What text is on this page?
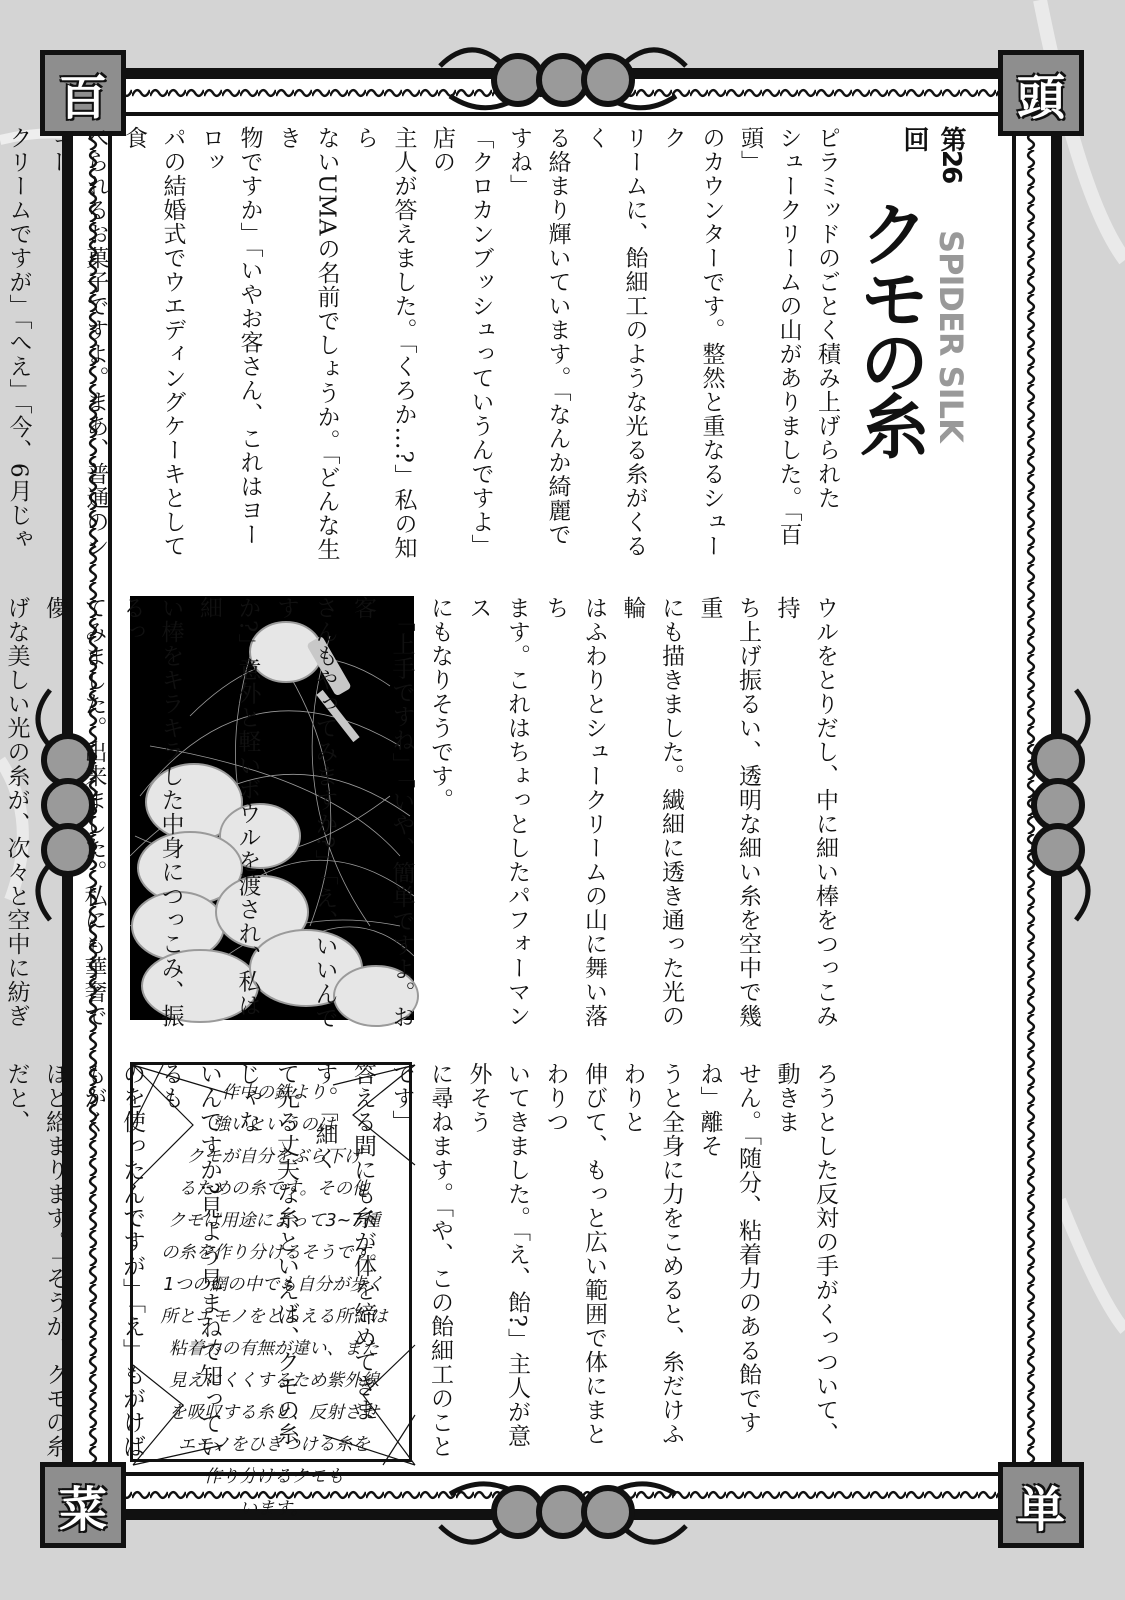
百	頭
菜	単
第26回
クモの糸 SPIDER SILK

ピラミッドのごとく積み上げられた

シュークリームの山がありました。「百頭」

のカウンターです。整然と重なるシューク

リームに、飴細工のような光る糸がくるく

る絡まり輝いています。「なんか綺麗ですね」

「クロカンブッシュっていうんですよ」店の

主人が答えました。「くろか…?」私の知ら

ないUMAの名前でしょうか。「どんな生き

物ですか」「いやお客さん、これはヨーロッ

パの結婚式でウエディングケーキとして食

べられるお菓子ですよ。まあ、普通のシュー

クリームですが」「へえ」「今、6月じゃ

ウルをとりだし、中に細い棒をつっこみ持

ち上げ振るい、透明な細い糸を空中で幾重

にも描きました。繊細に透き通った光の輪

はふわりとシュークリームの山に舞い落ち

ます。これはちょっとしたパフォーマンス

にもなりそうです。

　「上手ですね」「いや、簡単ですよ。お客

さんもやってみますか?」「え、いいんです

か?」意外と軽いボウルを渡され、私は細

い棒をキラキラした中身につっこみ、振るっ

てみました。出来ました。私にも華奢で儚

げな美しい光の糸が、次々と空中に紡ぎ

作中の鉄より
強いというのは
クモが自分をぶら下げ
るための糸です。その他
クモは用途によって3~7種
の糸を作り分けるそうです。
1つの網の中でも自分が歩く
所とエモノをとらえる所では
粘着力の有無が違い、また
見えにくくするため紫外線
を吸収する糸と、反射させ
エモノをひきつける糸を
作り分けるクモも
います。

ろうとした反対の手がくっついて、動きま

せん。「随分、粘着力のある飴ですね」離そ

うと全身に力をこめると、糸だけふわりと

伸びて、もっと広い範囲で体にまとわりつ

いてきました。「え、飴?」主人が意外そう

に尋ねます。「や、この飴細工のことです」

答える間にも糸が体を締めてきます。「細く

て光る丈夫な糸といえば、クモの糸じゃな

いんですか?見よう見まねで知っているも

のを使ったんですが」「え」もがけばもがく

ほど絡まります。「そうか、クモの糸だと、
